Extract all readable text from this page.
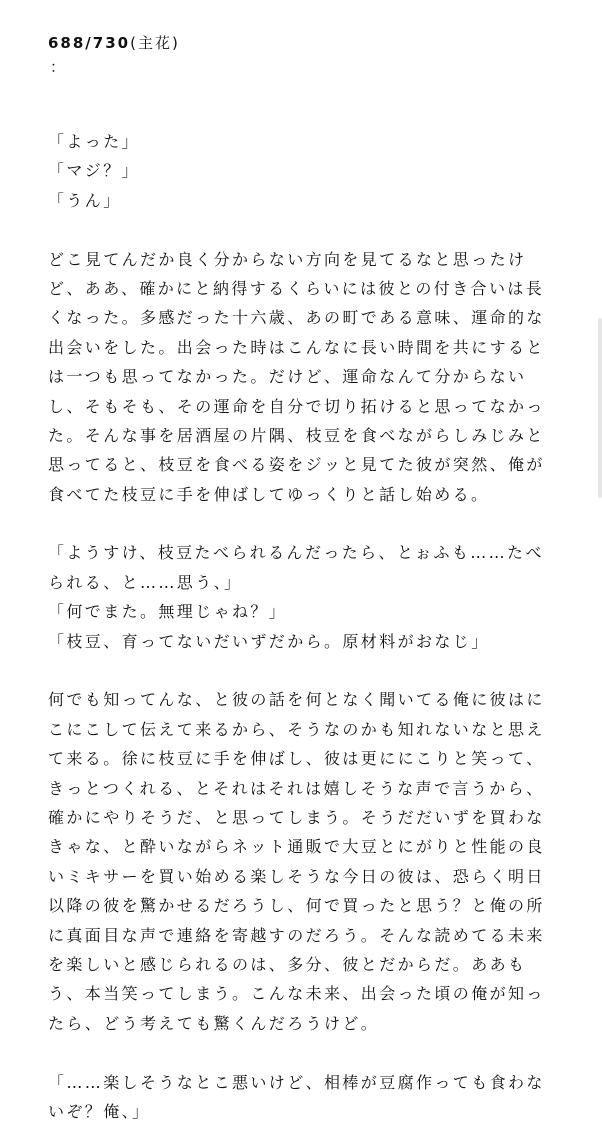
688/730(主花)
：
「よった」
「マジ？」
「うん」
どこ見てんだか良く分からない方向を見てるなと思ったけ
ど、ああ、確かにと納得するくらいには彼との付き合いは長
くなった。多感だった十六歳、あの町である意味、運命的な
出会いをした。出会った時はこんなに長い時間を共にすると
は一つも思ってなかった。だけど、運命なんて分からない
し、そもそも、その運命を自分で切り拓けると思ってなかっ
た。そんな事を居酒屋の片隅、枝豆を食べながらしみじみと
思ってると、枝豆を食べる姿をジッと見てた彼が突然、俺が
食べてた枝豆に手を伸ばしてゆっくりと話し始める。
「ようすけ、枝豆たべられるんだったら、とぉふも……たべ
られる、と……思う、」
「何でまた。無理じゃね？」
「枝豆、育ってないだいずだから。原材料がおなじ」
何でも知ってんな、と彼の話を何となく聞いてる俺に彼はに
こにこして伝えて来るから、そうなのかも知れないなと思え
て来る。徐に枝豆に手を伸ばし、彼は更ににこりと笑って、
きっとつくれる、とそれはそれは嬉しそうな声で言うから、
確かにやりそうだ、と思ってしまう。そうだだいずを買わな
きゃな、と酔いながらネット通販で大豆とにがりと性能の良
いミキサーを買い始める楽しそうな今日の彼は、恐らく明日
以降の彼を驚かせるだろうし、何で買ったと思う？と俺の所
に真面目な声で連絡を寄越すのだろう。そんな読めてる未来
を楽しいと感じられるのは、多分、彼とだからだ。ああも
う、本当笑ってしまう。こんな未来、出会った頃の俺が知っ
たら、どう考えても驚くんだろうけど。
「……楽しそうなとこ悪いけど、相棒が豆腐作っても食わな
いぞ？俺、」
